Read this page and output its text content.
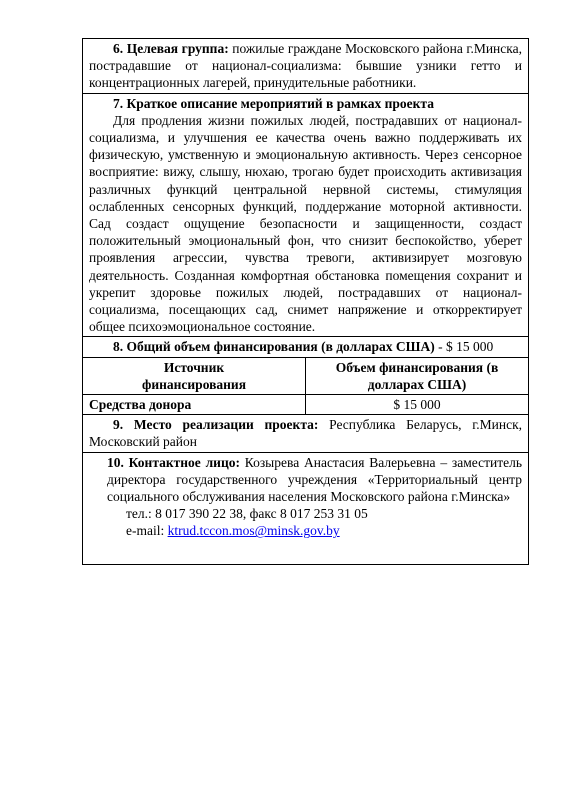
6. Целевая группа: пожилые граждане Московского района г.Минска, пострадавшие от национал-социализма: бывшие узники гетто и концентрационных лагерей, принудительные работники.	

7. Краткое описание мероприятий в рамках проекта

Для продления жизни пожилых людей, пострадавших от национал-социализма, и улучшения ее качества очень важно поддерживать их физическую, умственную и эмоциональную активность. Через сенсорное восприятие: вижу, слышу, нюхаю, трогаю будет происходить активизация различных функций центральной нервной системы, стимуляция ослабленных сенсорных функций, поддержание моторной активности. Сад создаст ощущение безопасности и защищенности, создаст положительный эмоциональный фон, что снизит беспокойство, уберет проявления агрессии, чувства тревоги, активизирует мозговую деятельность. Созданная комфортная обстановка помещения сохранит и укрепит здоровье пожилых людей, пострадавших от национал-социализма, посещающих сад, снимет напряжение и откорректирует общее психоэмоциональное состояние.	

8. Общий объем финансирования (в долларах США) - $ 15 000	

Источник финансирования	Объем финансирования (в долларах США)
Средства донора	$ 15 000

9. Место реализации проекта: Республика Беларусь, г.Минск, Московский район	

10. Контактное лицо: Козырева Анастасия Валерьевна – заместитель директора государственного учреждения «Территориальный центр социального обслуживания населения Московского района г.Минска»

тел.: 8 017 390 22 38, факс 8 017 253 31 05

e-mail: ktrud.tccon.mos@minsk.gov.by	
